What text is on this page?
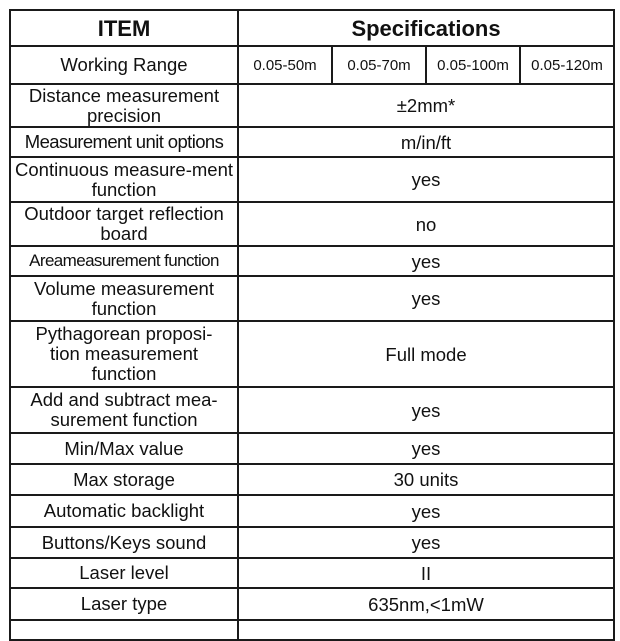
ITEM	Specifications			
Working Range	0.05-50m	0.05-70m	0.05-100m	0.05-120m
Distance measurement precision	±2mm*			
Measurement unit options	m/in/ft			
Continuous measure-ment function	yes			
Outdoor target reflection board	no			
Areameasurement function	yes			
Volume measurement function	yes			
Pythagorean proposi-tion measurement function	Full mode			
Add and subtract mea-surement function	yes			
Min/Max value	yes			
Max storage	30 units			
Automatic backlight	yes			
Buttons/Keys sound	yes			
Laser level	II			
Laser type	635nm,<1mW			
